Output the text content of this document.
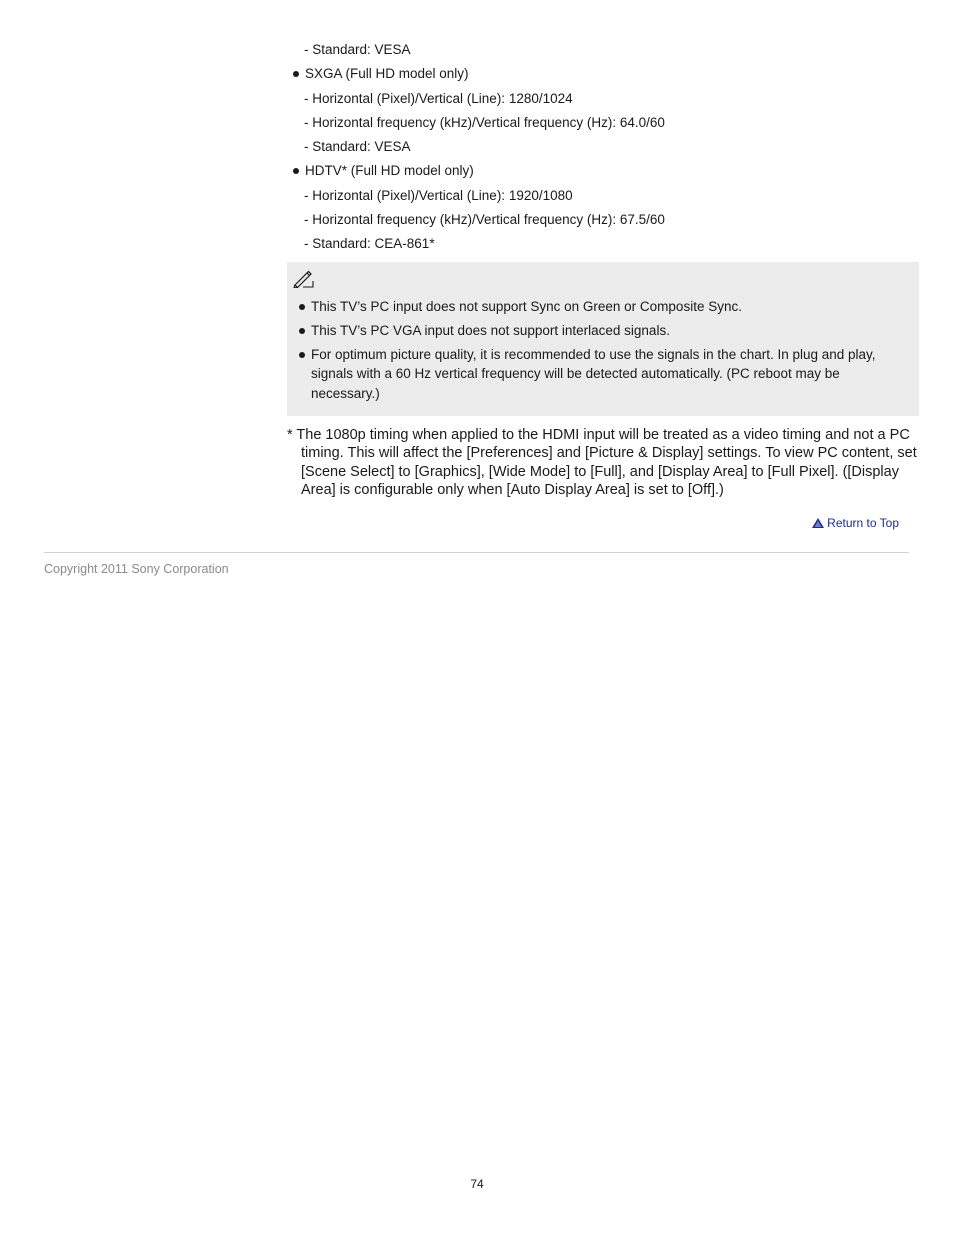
- Standard: VESA
SXGA (Full HD model only)
- Horizontal (Pixel)/Vertical (Line): 1280/1024
- Horizontal frequency (kHz)/Vertical frequency (Hz): 64.0/60
- Standard: VESA
HDTV* (Full HD model only)
- Horizontal (Pixel)/Vertical (Line): 1920/1080
- Horizontal frequency (kHz)/Vertical frequency (Hz): 67.5/60
- Standard: CEA-861*
This TV’s PC input does not support Sync on Green or Composite Sync.
This TV’s PC VGA input does not support interlaced signals.
For optimum picture quality, it is recommended to use the signals in the chart. In plug and play, signals with a 60 Hz vertical frequency will be detected automatically. (PC reboot may be necessary.)
* The 1080p timing when applied to the HDMI input will be treated as a video timing and not a PC timing. This will affect the [Preferences] and [Picture & Display] settings. To view PC content, set [Scene Select] to [Graphics], [Wide Mode] to [Full], and [Display Area] to [Full Pixel]. ([Display Area] is configurable only when [Auto Display Area] is set to [Off].)
Return to Top
Copyright 2011 Sony Corporation
74
